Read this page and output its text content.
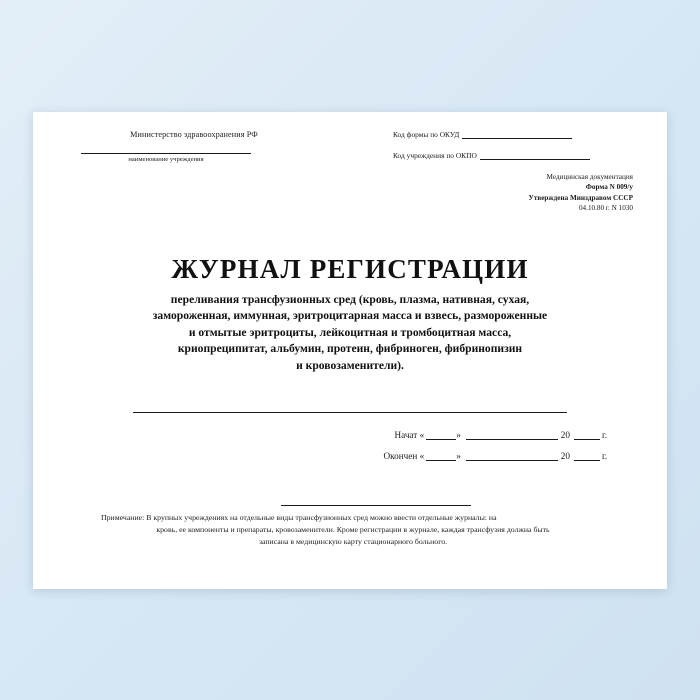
Министерство здравоохранения РФ
наименование учреждения
Код формы по ОКУД
Код учреждения по ОКПО
Медицинская документация
Форма N 009/у
Утверждена Минздравом СССР
04.10.80 г. N 1030
ЖУРНАЛ РЕГИСТРАЦИИ
переливания трансфузионных сред (кровь, плазма, нативная, сухая,
замороженная, иммунная, эритроцитарная масса и взвесь, размороженные
и отмытые эритроциты, лейкоцитная и тромбоцитная масса,
криопреципитат, альбумин, протеин, фибриноген, фибринопизин
и кровозаменители).
Начат «	»	20	г.
Окончен «	»	20	г.
Примечание: В крупных учреждениях на отдельные виды трансфузионных сред можно ввести отдельные журналы: на
кровь, ее компоненты и препараты, кровозаменители. Кроме регистрации в журнале, каждая трансфузия должна быть
записана в медицинскую карту стационарного больного.
